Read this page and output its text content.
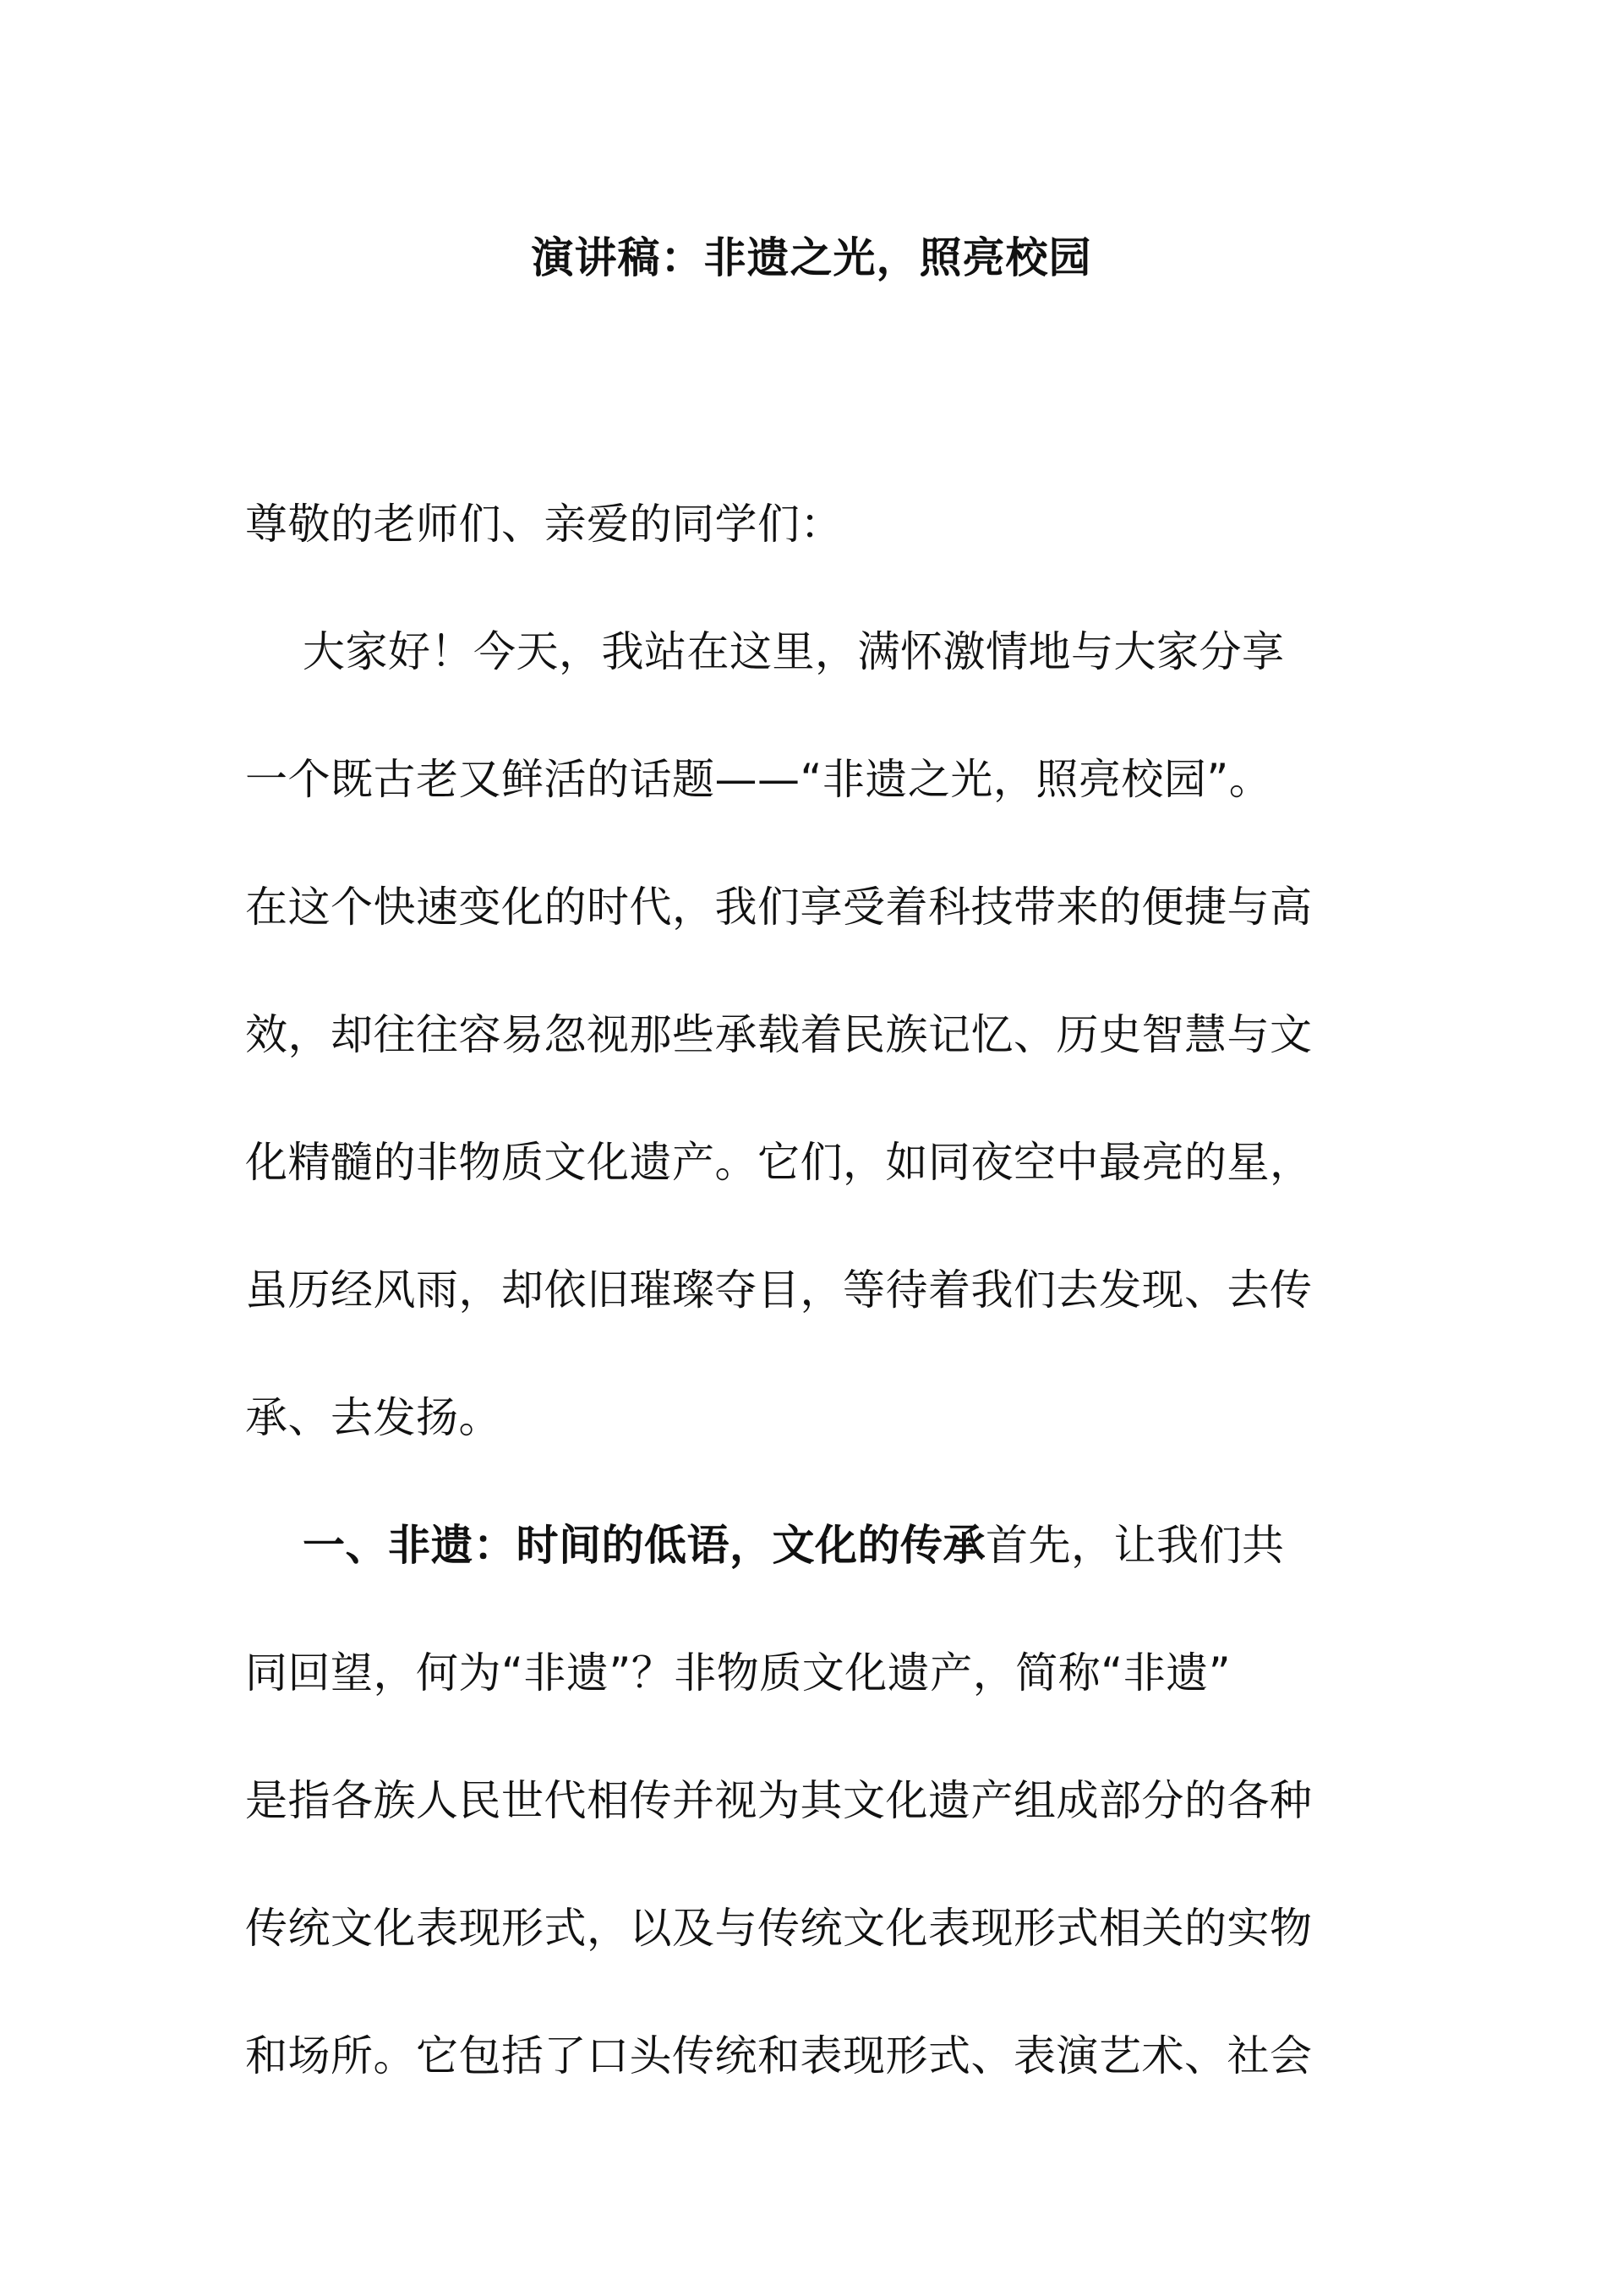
演讲稿：非遗之光，照亮校园
尊敬的老师们、亲爱的同学们：
大家好！今天，我站在这里，满怀激情地与大家分享
一个既古老又鲜活的话题——“非遗之光，照亮校园”。
在这个快速变化的时代，我们享受着科技带来的便捷与高
效，却往往容易忽视那些承载着民族记忆、历史智慧与文
化精髓的非物质文化遗产。它们，如同夜空中最亮的星，
虽历经风雨，却依旧璀璨夺目，等待着我们去发现、去传
承、去发扬。
一、非遗：时间的低语，文化的传承首先，让我们共
同回望，何为“非遗”？非物质文化遗产，简称“非遗”
是指各族人民世代相传并视为其文化遗产组成部分的各种
传统文化表现形式，以及与传统文化表现形式相关的实物
和场所。它包括了口头传统和表现形式、表演艺术、社会
